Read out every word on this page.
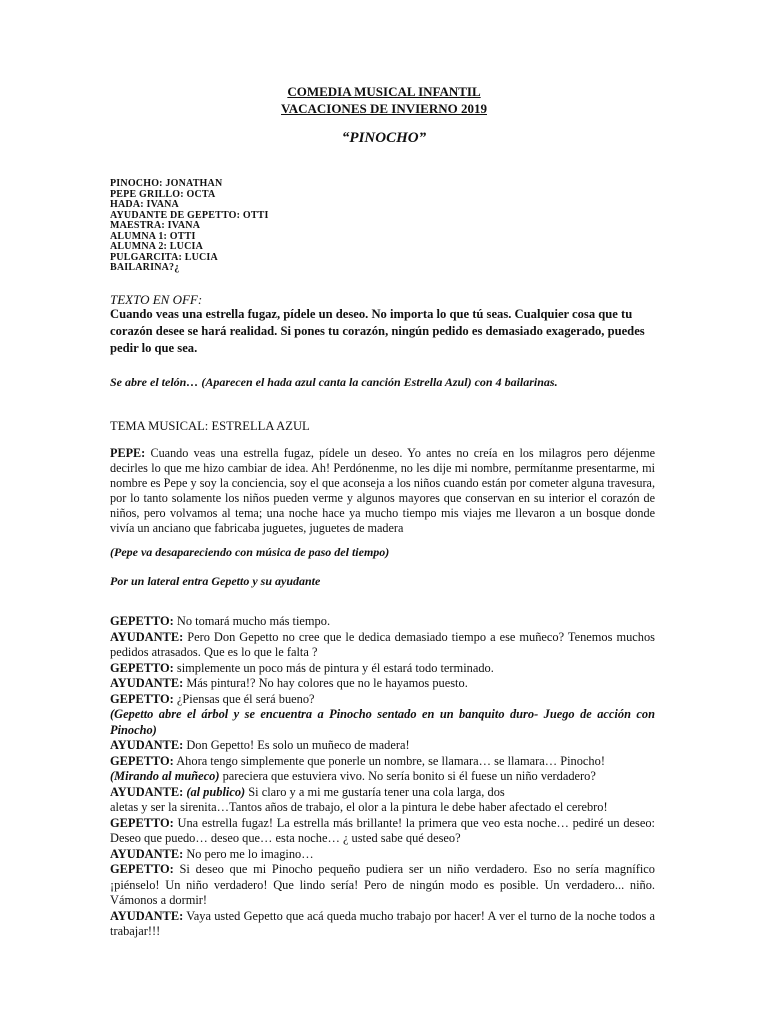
COMEDIA MUSICAL INFANTIL
VACACIONES DE INVIERNO 2019
“PINOCHO”
PINOCHO: JONATHAN
PEPE GRILLO: OCTA
HADA: IVANA
AYUDANTE DE GEPETTO: OTTI
MAESTRA: IVANA
ALUMNA 1: OTTI
ALUMNA 2: LUCIA
PULGARCITA: LUCIA
BAILARINA?¿
TEXTO EN OFF:
Cuando veas una estrella fugaz, pídele un deseo. No importa lo que tú seas. Cualquier cosa que tu corazón desee se hará realidad. Si pones tu corazón, ningún pedido es demasiado exagerado, puedes pedir lo que sea.
Se abre el telón… (Aparecen el hada azul canta la canción Estrella Azul) con 4 bailarinas.
TEMA MUSICAL: ESTRELLA AZUL
PEPE: Cuando veas una estrella fugaz, pídele un deseo. Yo antes no creía en los milagros pero déjenme decirles lo que me hizo cambiar de idea. Ah! Perdónenme, no les dije mi nombre, permítanme presentarme, mi nombre es Pepe y soy la conciencia, soy el que aconseja a los niños cuando están por cometer alguna travesura, por lo tanto solamente los niños pueden verme y algunos mayores que conservan en su interior el corazón de niños, pero volvamos al tema; una noche hace ya mucho tiempo mis viajes me llevaron a un bosque donde vivía un anciano que fabricaba juguetes, juguetes de madera
(Pepe va desapareciendo con música de paso del tiempo)
Por un lateral entra Gepetto y su ayudante
GEPETTO: No tomará mucho más tiempo.
AYUDANTE: Pero Don Gepetto no cree que le dedica demasiado tiempo a ese muñeco? Tenemos muchos pedidos atrasados. Que es lo que le falta ?
GEPETTO: simplemente un poco más de pintura y él estará todo terminado.
AYUDANTE: Más pintura!? No hay colores que no le hayamos puesto.
GEPETTO: ¿Piensas que él será bueno?
(Gepetto abre el árbol y se encuentra a Pinocho sentado en un banquito duro- Juego de acción con Pinocho)
AYUDANTE: Don Gepetto! Es solo un muñeco de madera!
GEPETTO: Ahora tengo simplemente que ponerle un nombre, se llamara… se llamara… Pinocho!
(Mirando al muñeco) pareciera que estuviera vivo. No sería bonito si él fuese un niño verdadero?
AYUDANTE: (al publico) Si claro y a mi me gustaría tener una cola larga, dos
aletas y ser la sirenita…Tantos años de trabajo, el olor a la pintura le debe haber afectado el cerebro!
GEPETTO: Una estrella fugaz! La estrella más brillante! la primera que veo esta noche… pediré un deseo: Deseo que puedo… deseo que… esta noche… ¿ usted sabe qué deseo?
AYUDANTE: No pero me lo imagino…
GEPETTO: Si deseo que mi Pinocho pequeño pudiera ser un niño verdadero. Eso no sería magnífico ¡piénselo! Un niño verdadero! Que lindo sería! Pero de ningún modo es posible. Un verdadero... niño. Vámonos a dormir!
AYUDANTE: Vaya usted Gepetto que acá queda mucho trabajo por hacer! A ver el turno de la noche todos a trabajar!!!
